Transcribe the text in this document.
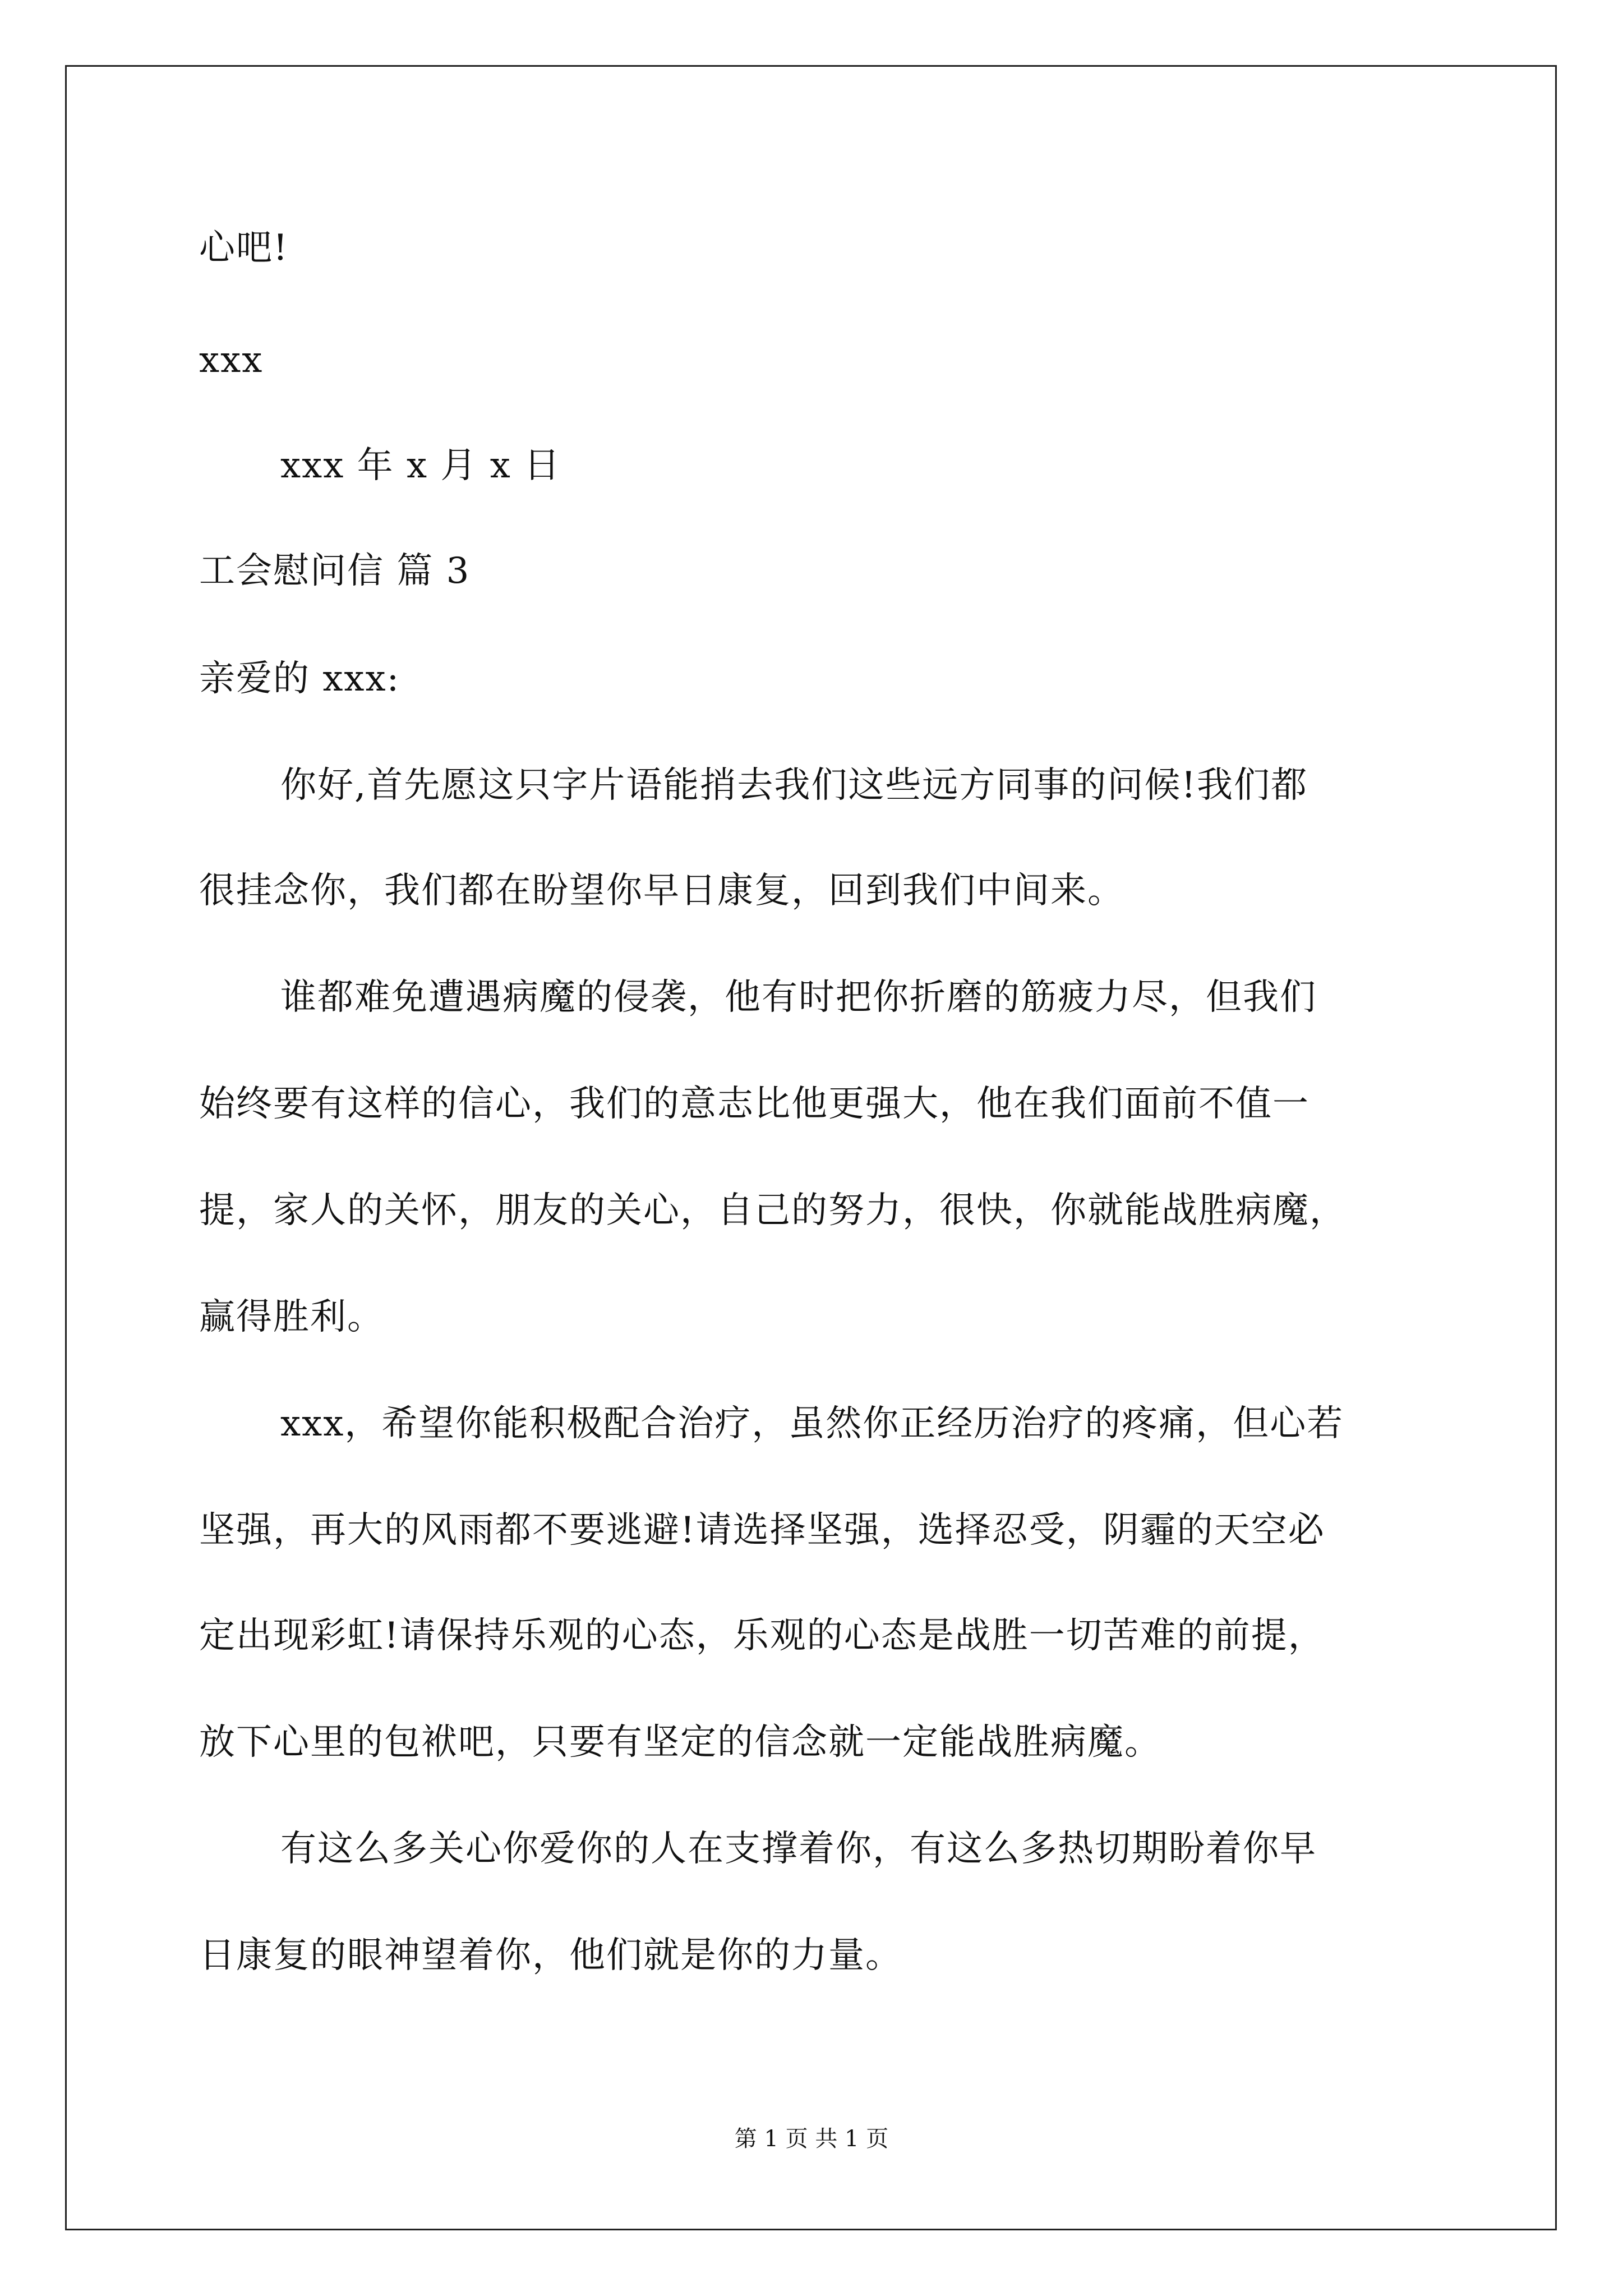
心吧!
xxx
xxx 年 x 月 x 日
工会慰问信 篇 3
亲爱的 xxx:
你好,首先愿这只字片语能捎去我们这些远方同事的问候!我们都
很挂念你，我们都在盼望你早日康复，回到我们中间来。
谁都难免遭遇病魔的侵袭，他有时把你折磨的筋疲力尽，但我们
始终要有这样的信心，我们的意志比他更强大，他在我们面前不值一
提，家人的关怀，朋友的关心，自己的努力，很快，你就能战胜病魔，
赢得胜利。
xxx，希望你能积极配合治疗，虽然你正经历治疗的疼痛，但心若
坚强，再大的风雨都不要逃避!请选择坚强，选择忍受，阴霾的天空必
定出现彩虹!请保持乐观的心态，乐观的心态是战胜一切苦难的前提，
放下心里的包袱吧，只要有坚定的信念就一定能战胜病魔。
有这么多关心你爱你的人在支撑着你，有这么多热切期盼着你早
日康复的眼神望着你，他们就是你的力量。
第 1 页 共 1 页
